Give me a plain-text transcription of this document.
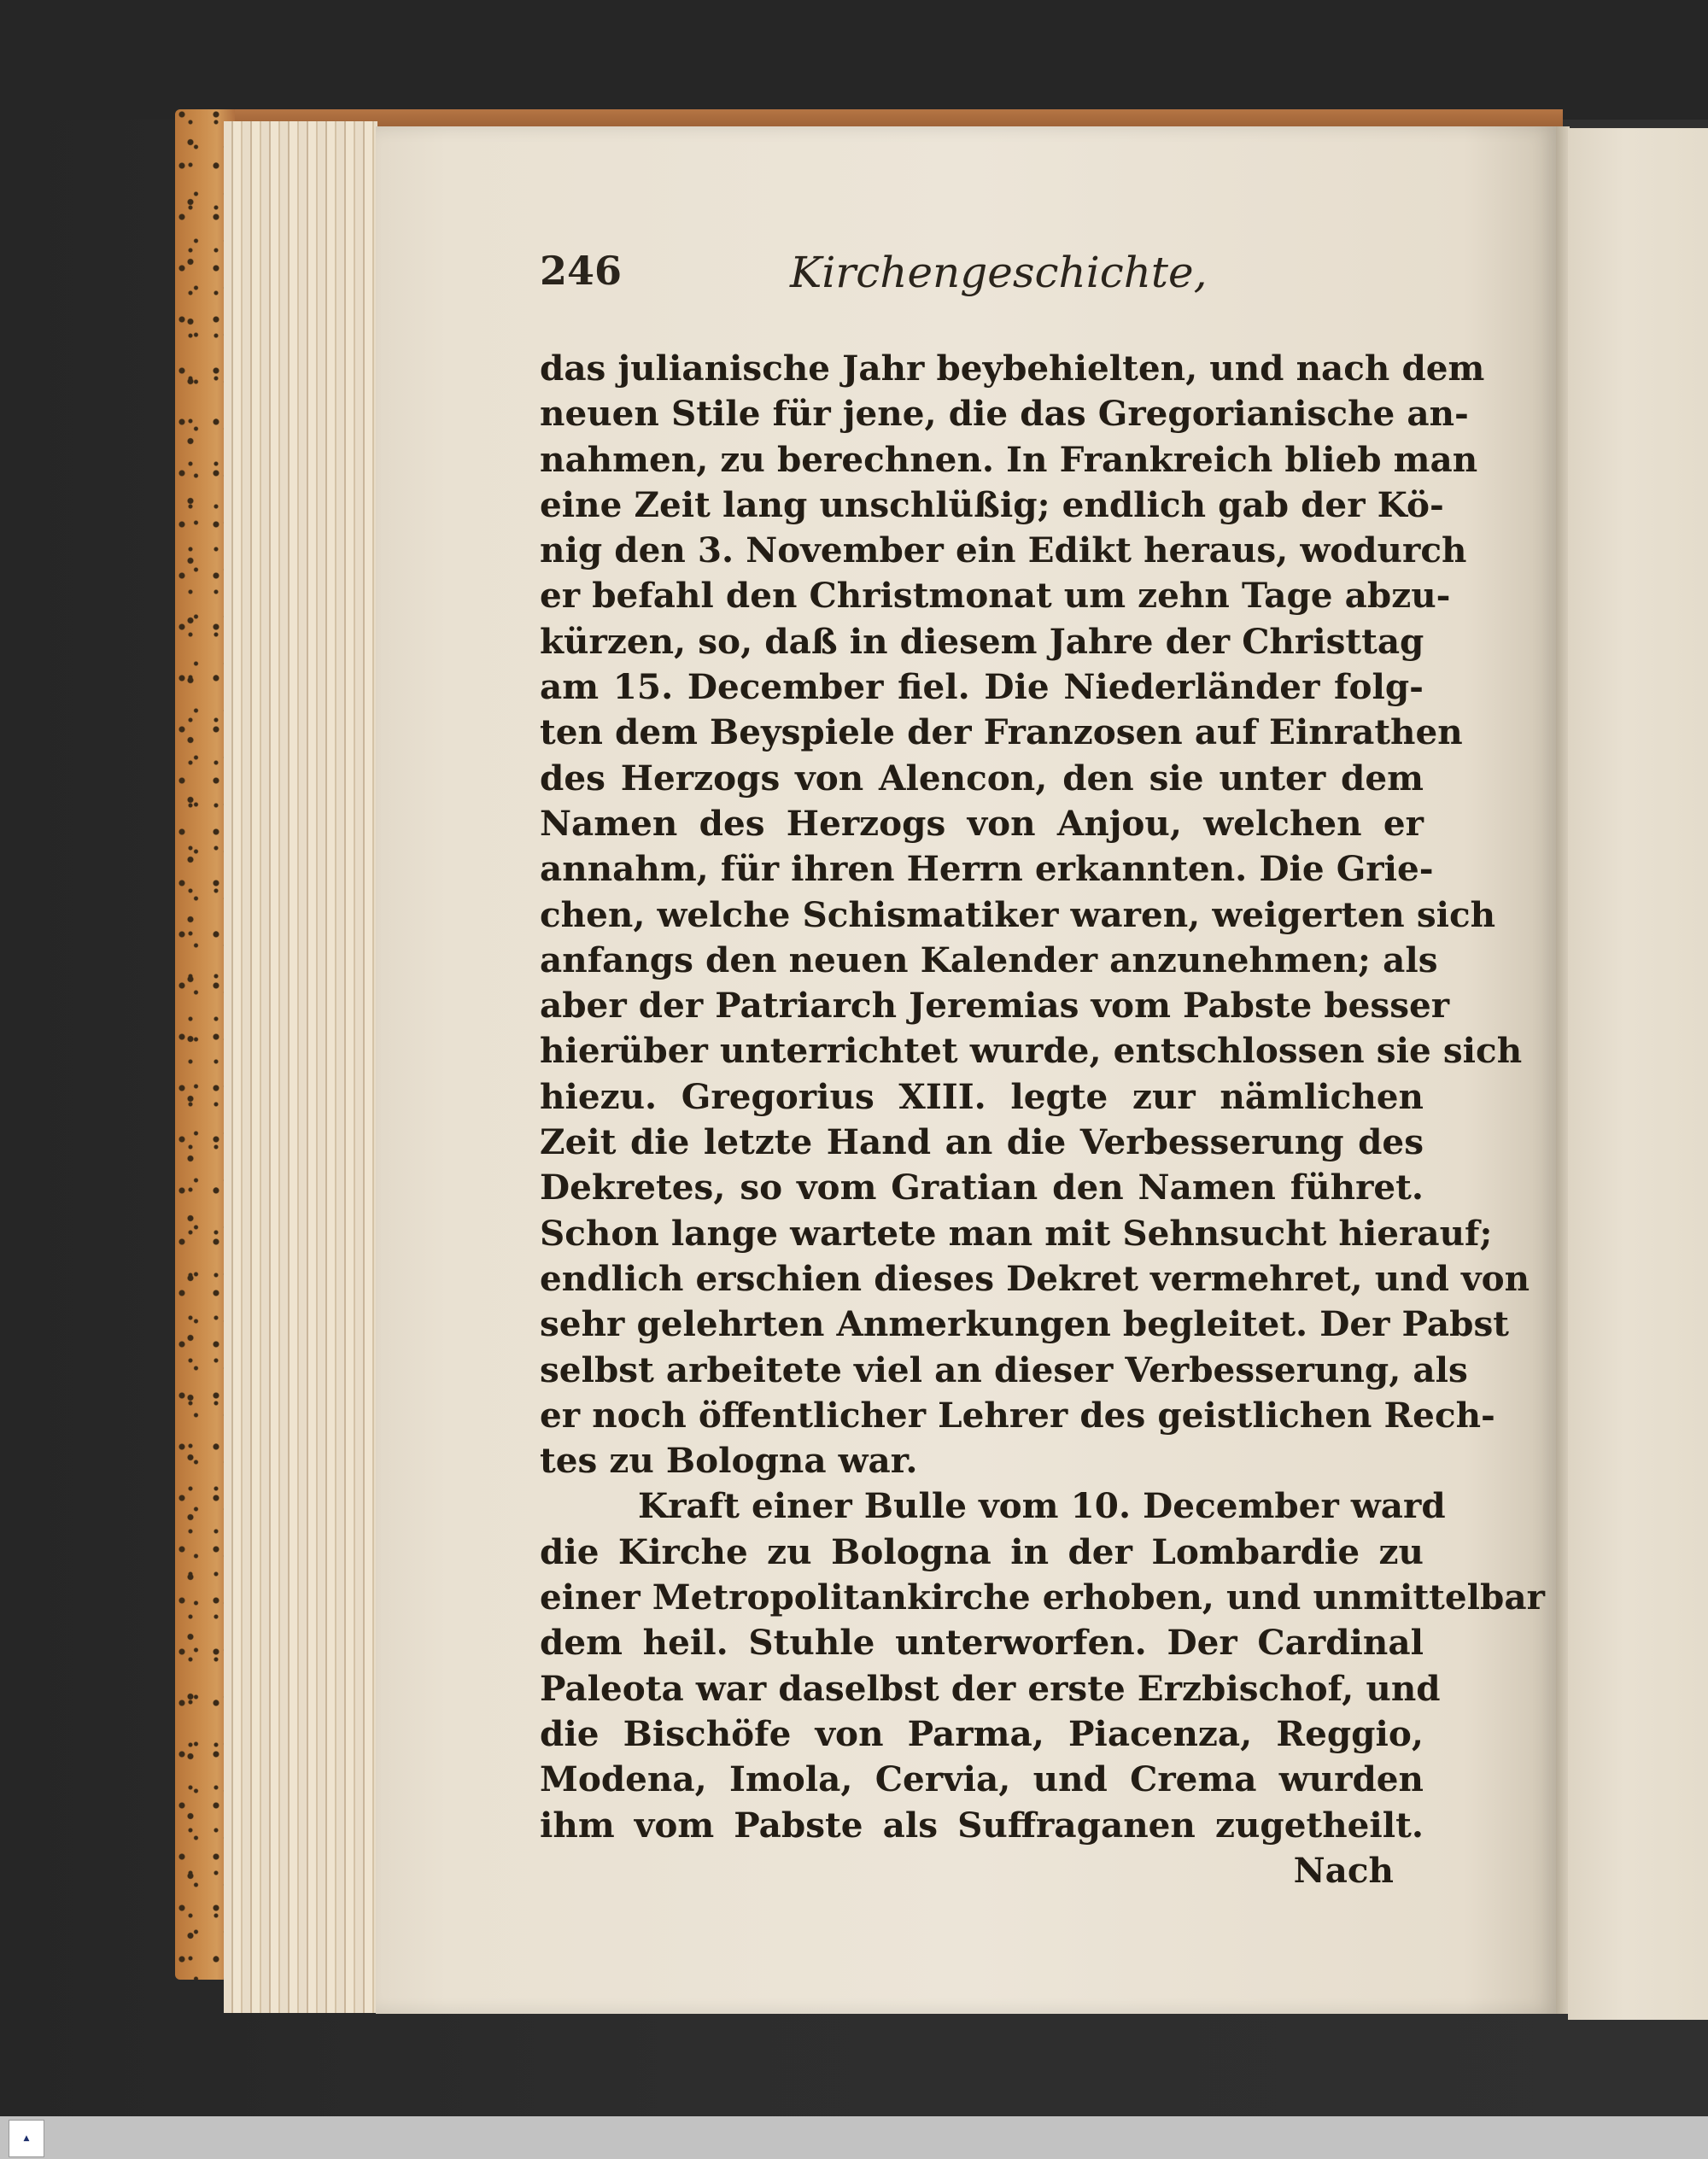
246	Kirchengeschichte,
das julianische Jahr beybehielten, und nach dem
neuen Stile für jene, die das Gregorianische an-
nahmen, zu berechnen. In Frankreich blieb man
eine Zeit lang unschlüßig; endlich gab der Kö-
nig den 3. November ein Edikt heraus, wodurch
er befahl den Christmonat um zehn Tage abzu-
kürzen, so, daß in diesem Jahre der Christtag
am 15. December fiel. Die Niederländer folg-
ten dem Beyspiele der Franzosen auf Einrathen
des Herzogs von Alencon, den sie unter dem
Namen des Herzogs von Anjou, welchen er
annahm, für ihren Herrn erkannten. Die Grie-
chen, welche Schismatiker waren, weigerten sich
anfangs den neuen Kalender anzunehmen; als
aber der Patriarch Jeremias vom Pabste besser
hierüber unterrichtet wurde, entschlossen sie sich
hiezu. Gregorius XIII. legte zur nämlichen
Zeit die letzte Hand an die Verbesserung des
Dekretes, so vom Gratian den Namen führet.
Schon lange wartete man mit Sehnsucht hierauf;
endlich erschien dieses Dekret vermehret, und von
sehr gelehrten Anmerkungen begleitet. Der Pabst
selbst arbeitete viel an dieser Verbesserung, als
er noch öffentlicher Lehrer des geistlichen Rech-
tes zu Bologna war.
Kraft einer Bulle vom 10. December ward
die Kirche zu Bologna in der Lombardie zu
einer Metropolitankirche erhoben, und unmittelbar
dem heil. Stuhle unterworfen. Der Cardinal
Paleota war daselbst der erste Erzbischof, und
die Bischöfe von Parma, Piacenza, Reggio,
Modena, Imola, Cervia, und Crema wurden
ihm vom Pabste als Suffraganen zugetheilt.
Nach
▲
